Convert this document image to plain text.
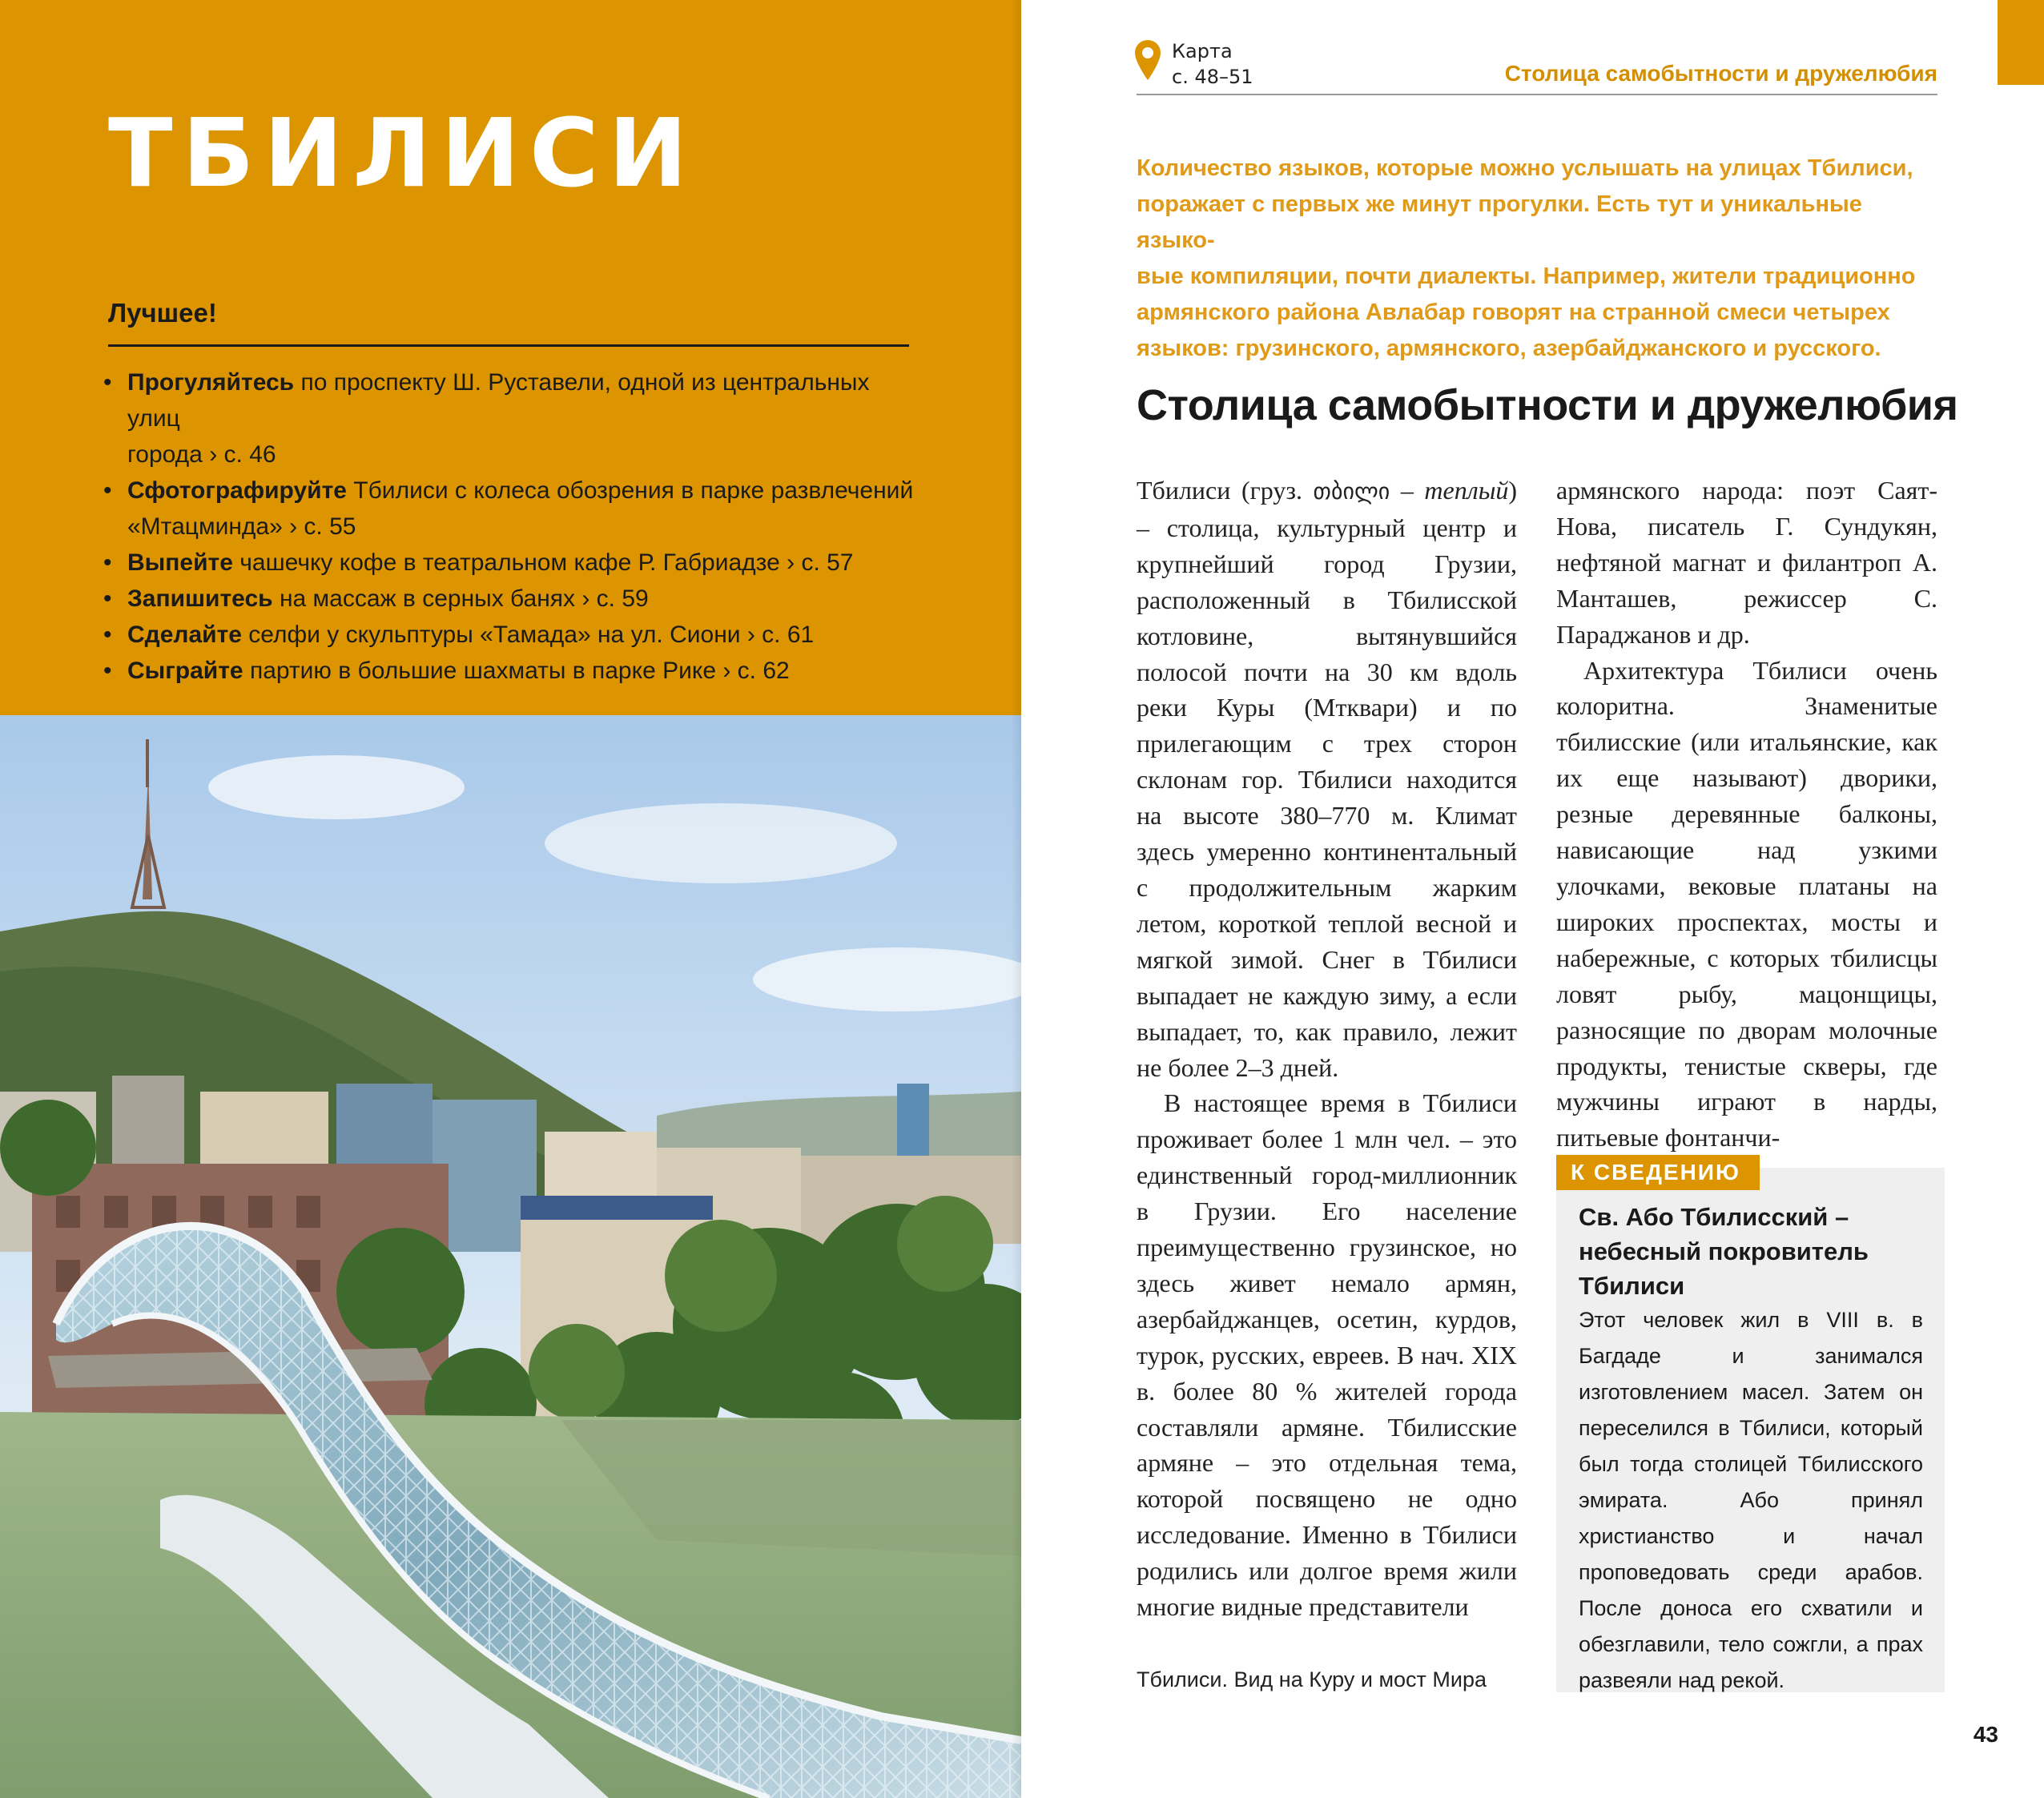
ТБИЛИСИ
Лучшее!
• Прогуляйтесь по проспекту Ш. Руставели, одной из центральных улиц
города › с. 46
• Сфотографируйте Тбилиси с колеса обозрения в парке развлечений
«Мтацминда» › с. 55
• Выпейте чашечку кофе в театральном кафе Р. Габриадзе › с. 57
• Запишитесь на массаж в серных банях › с. 59
• Сделайте селфи у скульптуры «Тамада» на ул. Сиони › с. 61
• Сыграйте партию в большие шахматы в парке Рике › с. 62
Карта
с. 48–51	Столица самобытности и дружелюбия
Количество языков, которые можно услышать на улицах Тбилиси,
поражает с первых же минут прогулки. Есть тут и уникальные языко-
вые компиляции, почти диалекты. Например, жители традиционно
армянского района Авлабар говорят на странной смеси четырех
языков: грузинского, армянского, азербайджанского и русского.
Столица самобытности и дружелюбия

Тбилиси (груз. თბილი – теплый) – столица, культурный центр и крупнейший город Грузии, расположенный в Тбилисской котловине, вытянувшийся полосой почти на 30 км вдоль реки Куры (Мтквари) и по прилегающим с трех сторон склонам гор. Тбилиси находится на высоте 380–770 м. Климат здесь умеренно континентальный с продолжительным жарким летом, короткой теплой весной и мягкой зимой. Снег в Тбилиси выпадает не каждую зиму, а если выпадает, то, как правило, лежит не более 2–3 дней.

В настоящее время в Тбилиси проживает более 1 млн чел. – это единственный город-миллионник в Грузии. Его население преимущественно грузинское, но здесь живет немало армян, азербайджанцев, осетин, курдов, турок, русских, евреев. В нач. XIX в. более 80 % жителей города составляли армяне. Тбилисские армяне – это отдельная тема, которой посвящено не одно исследование. Именно в Тбилиси родились или долгое время жили многие видные представители

армянского народа: поэт Саят-Нова, писатель Г. Сундукян, нефтяной магнат и филантроп А. Манташев, режиссер С. Параджанов и др.

Архитектура Тбилиси очень колоритна. Знаменитые тбилисские (или итальянские, как их еще называют) дворики, резные деревянные балконы, нависающие над узкими улочками, вековые платаны на широких проспектах, мосты и набережные, с которых тбилисцы ловят рыбу, мацонщицы, разносящие по дворам молочные продукты, тенистые скверы, где мужчины играют в нарды, питьевые фонтанчи-

К СВЕДЕНИЮ
Св. Або Тбилисский – небесный покровитель Тбилиси
Этот человек жил в VIII в. в Багдаде и занимался изготовлением масел. Затем он переселился в Тбилиси, который был тогда столицей Тбилисского эмирата. Або принял христианство и начал проповедовать среди арабов. После доноса его схватили и обезглавили, тело сожгли, а прах развеяли над рекой.
Тбилиси. Вид на Куру и мост Мира
43
